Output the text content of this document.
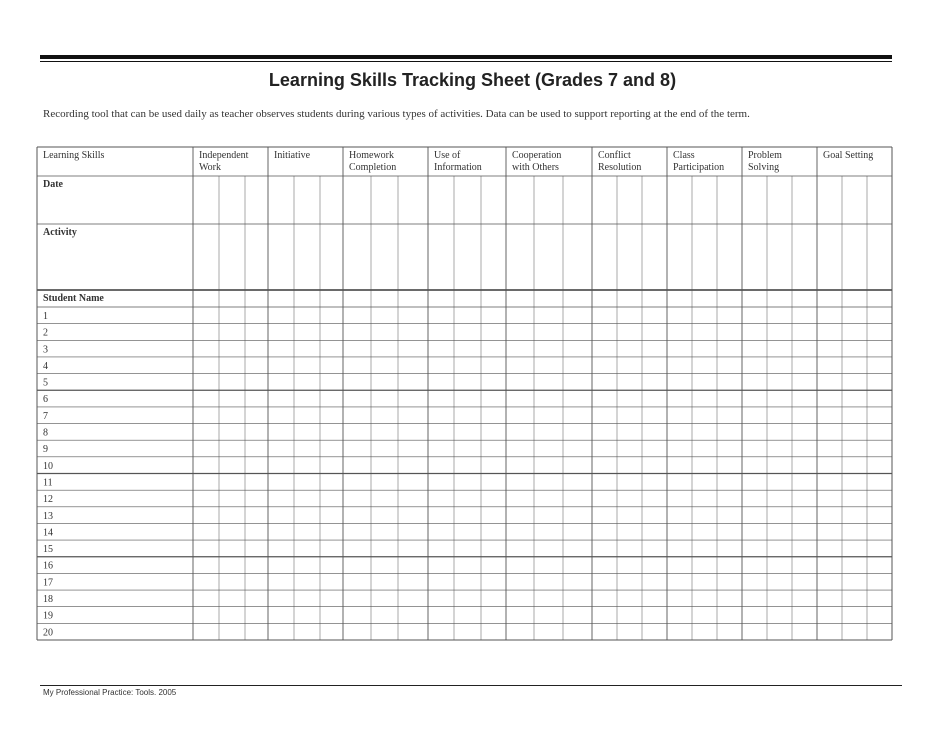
Learning Skills Tracking Sheet (Grades 7 and 8)
Recording tool that can be used daily as teacher observes students during various types of activities. Data can be used to support reporting at the end of the term.
Learning Skills	Independent
Work
Initiative	Homework
Completion
Use of
Information
Cooperation
with Others
Conflict
Resolution
Class
Participation
Problem
Solving
Goal Setting
Date
Activity
Student Name
1
2
3
4
5
6
7
8
9
10
11
12
13
14
15
16
17
18
19
20
My Professional Practice: Tools. 2005
